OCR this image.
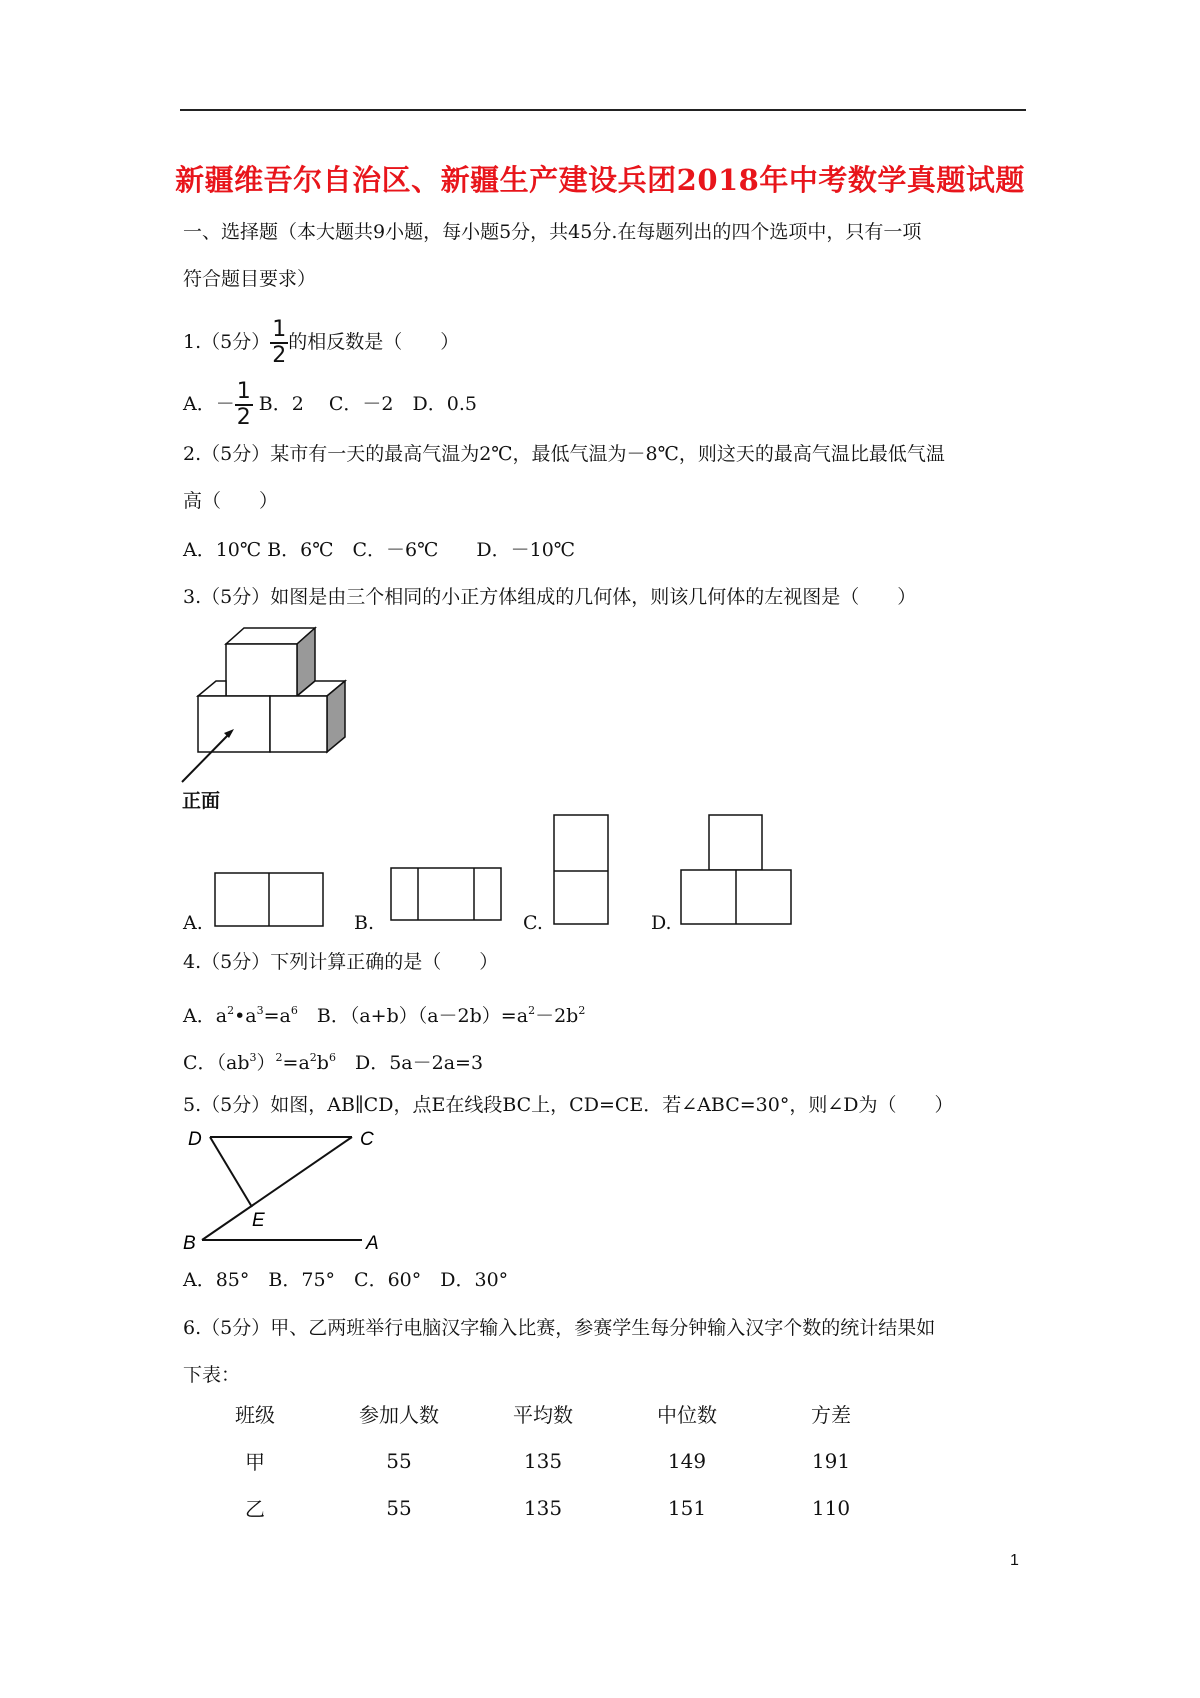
新疆维吾尔自治区、新疆生产建设兵团2018年中考数学真题试题
一、选择题（本大题共9小题，每小题5分，共45分.在每题列出的四个选项中，只有一项
符合题目要求）
1.（5分） $\frac{1}{2}$ 的相反数是（　　）
A．－ $\frac{1}{2}$ B．2　 C．－2　D．0.5
2.（5分）某市有一天的最高气温为2℃，最低气温为－8℃，则这天的最高气温比最低气温
高（　　）
A．10℃ B．6℃　C．－6℃　　D．－10℃
3.（5分）如图是由三个相同的小正方体组成的几何体，则该几何体的左视图是（　　）
正面
A.	B.	C.	D.
4.（5分）下列计算正确的是（　　）
A．$a^2•a^3=a^6$　B．$(a+b)(a-2b)=a^2-2b^2$
C．$(ab^3)^2=a^2b^6$　D．5a－2a=3
5.（5分）如图，AB∥CD，点E在线段BC上，CD=CE．若∠ABC=30°，则∠D为（　　）
D	C
E
B	A
A．85°　B．75°　C．60°　D．30°
6.（5分）甲、乙两班举行电脑汉字输入比赛，参赛学生每分钟输入汉字个数的统计结果如
下表：
班级	参加人数	平均数	中位数	方差
甲	55	135	149	191
乙	55	135	151	110
1
